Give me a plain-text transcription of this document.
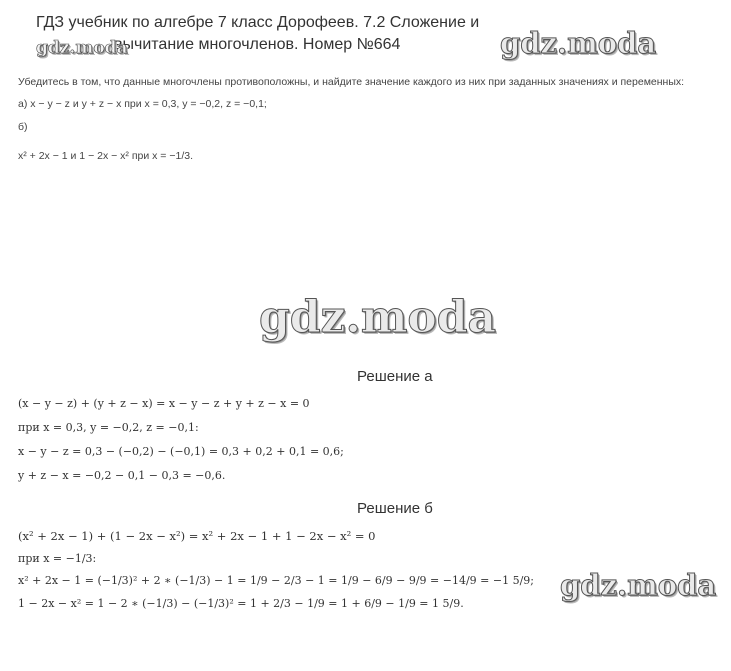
ГДЗ учебник по алгебре 7 класс Дорофеев. 7.2 Сложение и
вычитание многочленов. Номер №664
gdz.moda	gdz.moda
gdz.moda
gdz.moda
Убедитесь в том, что данные многочлены противоположны, и найдите значение каждого из них при заданных значениях и переменных:
а) x − y − z и y + z − x при x = 0,3, y = −0,2, z = −0,1;
б)
x² + 2x − 1 и 1 − 2x − x² при x = −1/3.
Решение а
(x − y − z) + (y + z − x) = x − y − z + y + z − x = 0
при x = 0,3, y = −0,2, z = −0,1:
x − y − z = 0,3 − (−0,2) − (−0,1) = 0,3 + 0,2 + 0,1 = 0,6;
y + z − x = −0,2 − 0,1 − 0,3 = −0,6.
Решение б
(x² + 2x − 1) + (1 − 2x − x²) = x² + 2x − 1 + 1 − 2x − x² = 0
при x = −1/3:
x² + 2x − 1 = (−1/3)² + 2 ∗ (−1/3) − 1 = 1/9 − 2/3 − 1 = 1/9 − 6/9 − 9/9 = −14/9 = −1 5/9;
1 − 2x − x² = 1 − 2 ∗ (−1/3) − (−1/3)² = 1 + 2/3 − 1/9 = 1 + 6/9 − 1/9 = 1 5/9.
